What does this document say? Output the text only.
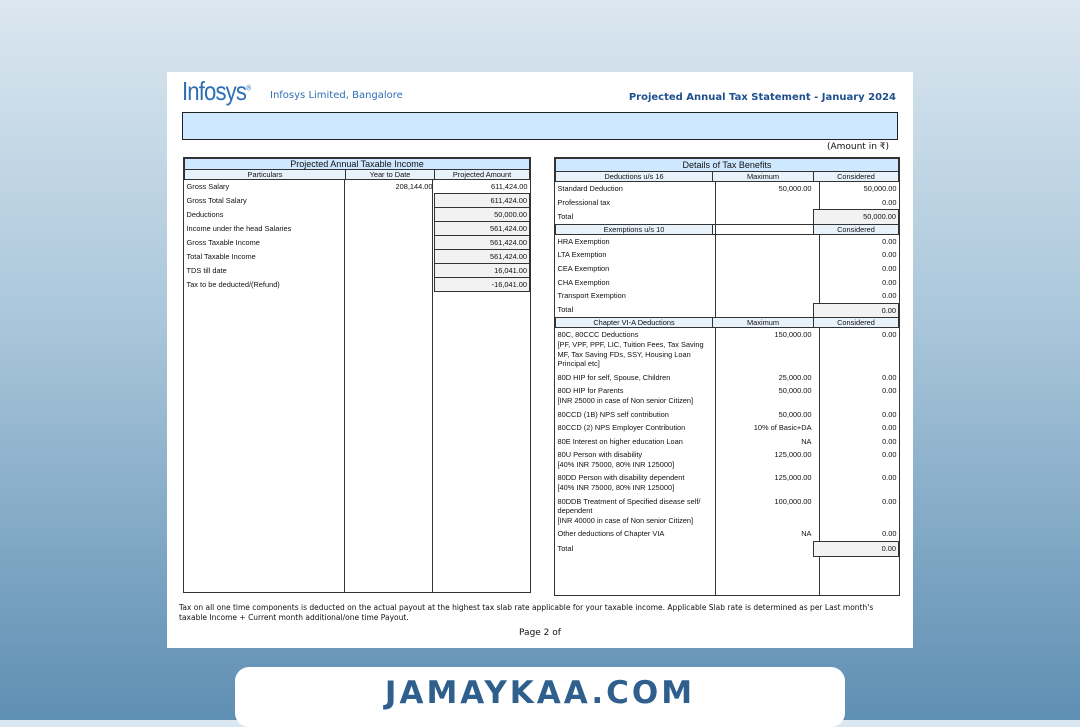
Infosys®
Infosys Limited, Bangalore	Projected Annual Tax Statement - January 2024
(Amount in ₹)
Projected Annual Taxable Income		
Particulars	Year to Date	Projected Amount
Gross Salary	208,144.00	611,424.00
Gross Total Salary		611,424.00
Deductions		50,000.00
Income under the head Salaries		561,424.00
Gross Taxable Income		561,424.00
Total Taxable Income		561,424.00
TDS till date		16,041.00
Tax to be deducted/(Refund)		-16,041.00
Details of Tax Benefits		
Deductions u/s 16	Maximum	Considered
Standard Deduction	50,000.00	50,000.00
Professional tax		0.00
Total		50,000.00
Exemptions u/s 10		Considered
HRA Exemption		0.00
LTA Exemption		0.00
CEA Exemption		0.00
CHA Exemption		0.00
Transport Exemption		0.00
Total		0.00
Chapter VI-A Deductions	Maximum	Considered

80C, 80CCC Deductions
[PF, VPF, PPF, LIC, Tuition Fees, Tax Saving MF, Tax Saving FDs, SSY, Housing Loan Principal etc]	150,000.00	0.00

80D HIP for self, Spouse, Children	25,000.00	0.00

80D HIP for Parents
[INR 25000 in case of Non senior Citizen]	50,000.00	0.00

80CCD (1B) NPS self contribution	50,000.00	0.00

80CCD (2) NPS Employer Contribution	10% of Basic+DA	0.00

80E Interest on higher education Loan	NA	0.00

80U Person with disability
[40% INR 75000, 80% INR 125000]	125,000.00	0.00

80DD Person with disability dependent
[40% INR 75000, 80% INR 125000]	125,000.00	0.00

80DDB Treatment of Specified disease self/ dependent
[INR 40000 in case of Non senior Citizen]	100,000.00	0.00

Other deductions of Chapter VIA	NA	0.00

Total		0.00
Tax on all one time components is deducted on the actual payout at the highest tax slab rate applicable for your taxable income. Applicable Slab rate is determined as per Last month's taxable Income + Current month additional/one time Payout.
Page 2 of
JAMAYKAA.COM
